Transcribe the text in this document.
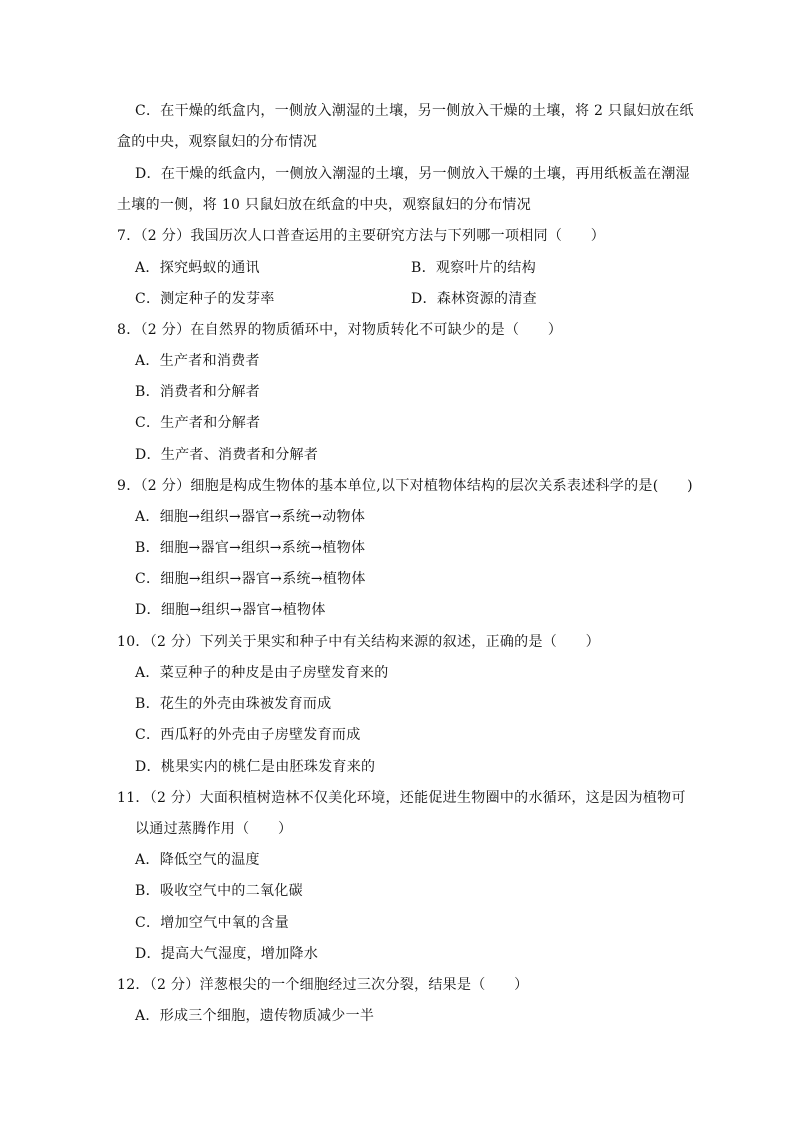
C．在干燥的纸盒内，一侧放入潮湿的土壤，另一侧放入干燥的土壤，将 2 只鼠妇放在纸
盒的中央，观察鼠妇的分布情况
D．在干燥的纸盒内，一侧放入潮湿的土壤，另一侧放入干燥的土壤，再用纸板盖在潮湿
土壤的一侧，将 10 只鼠妇放在纸盒的中央，观察鼠妇的分布情况
7．（2 分）我国历次人口普查运用的主要研究方法与下列哪一项相同（　　）
A．探究蚂蚁的通讯	B．观察叶片的结构
C．测定种子的发芽率	D．森林资源的清查
8．（2 分）在自然界的物质循环中，对物质转化不可缺少的是（　　）
A．生产者和消费者
B．消费者和分解者
C．生产者和分解者
D．生产者、消费者和分解者
9．（2 分）细胞是构成生物体的基本单位,以下对植物体结构的层次关系表述科学的是(　　)
A．细胞→组织→器官→系统→动物体
B．细胞→器官→组织→系统→植物体
C．细胞→组织→器官→系统→植物体
D．细胞→组织→器官→植物体
10．（2 分）下列关于果实和种子中有关结构来源的叙述，正确的是（　　）
A．菜豆种子的种皮是由子房壁发育来的
B．花生的外壳由珠被发育而成
C．西瓜籽的外壳由子房壁发育而成
D．桃果实内的桃仁是由胚珠发育来的
11．（2 分）大面积植树造林不仅美化环境，还能促进生物圈中的水循环，这是因为植物可
以通过蒸腾作用（　　）
A．降低空气的温度
B．吸收空气中的二氧化碳
C．增加空气中氧的含量
D．提高大气湿度，增加降水
12．（2 分）洋葱根尖的一个细胞经过三次分裂，结果是（　　）
A．形成三个细胞，遗传物质减少一半
